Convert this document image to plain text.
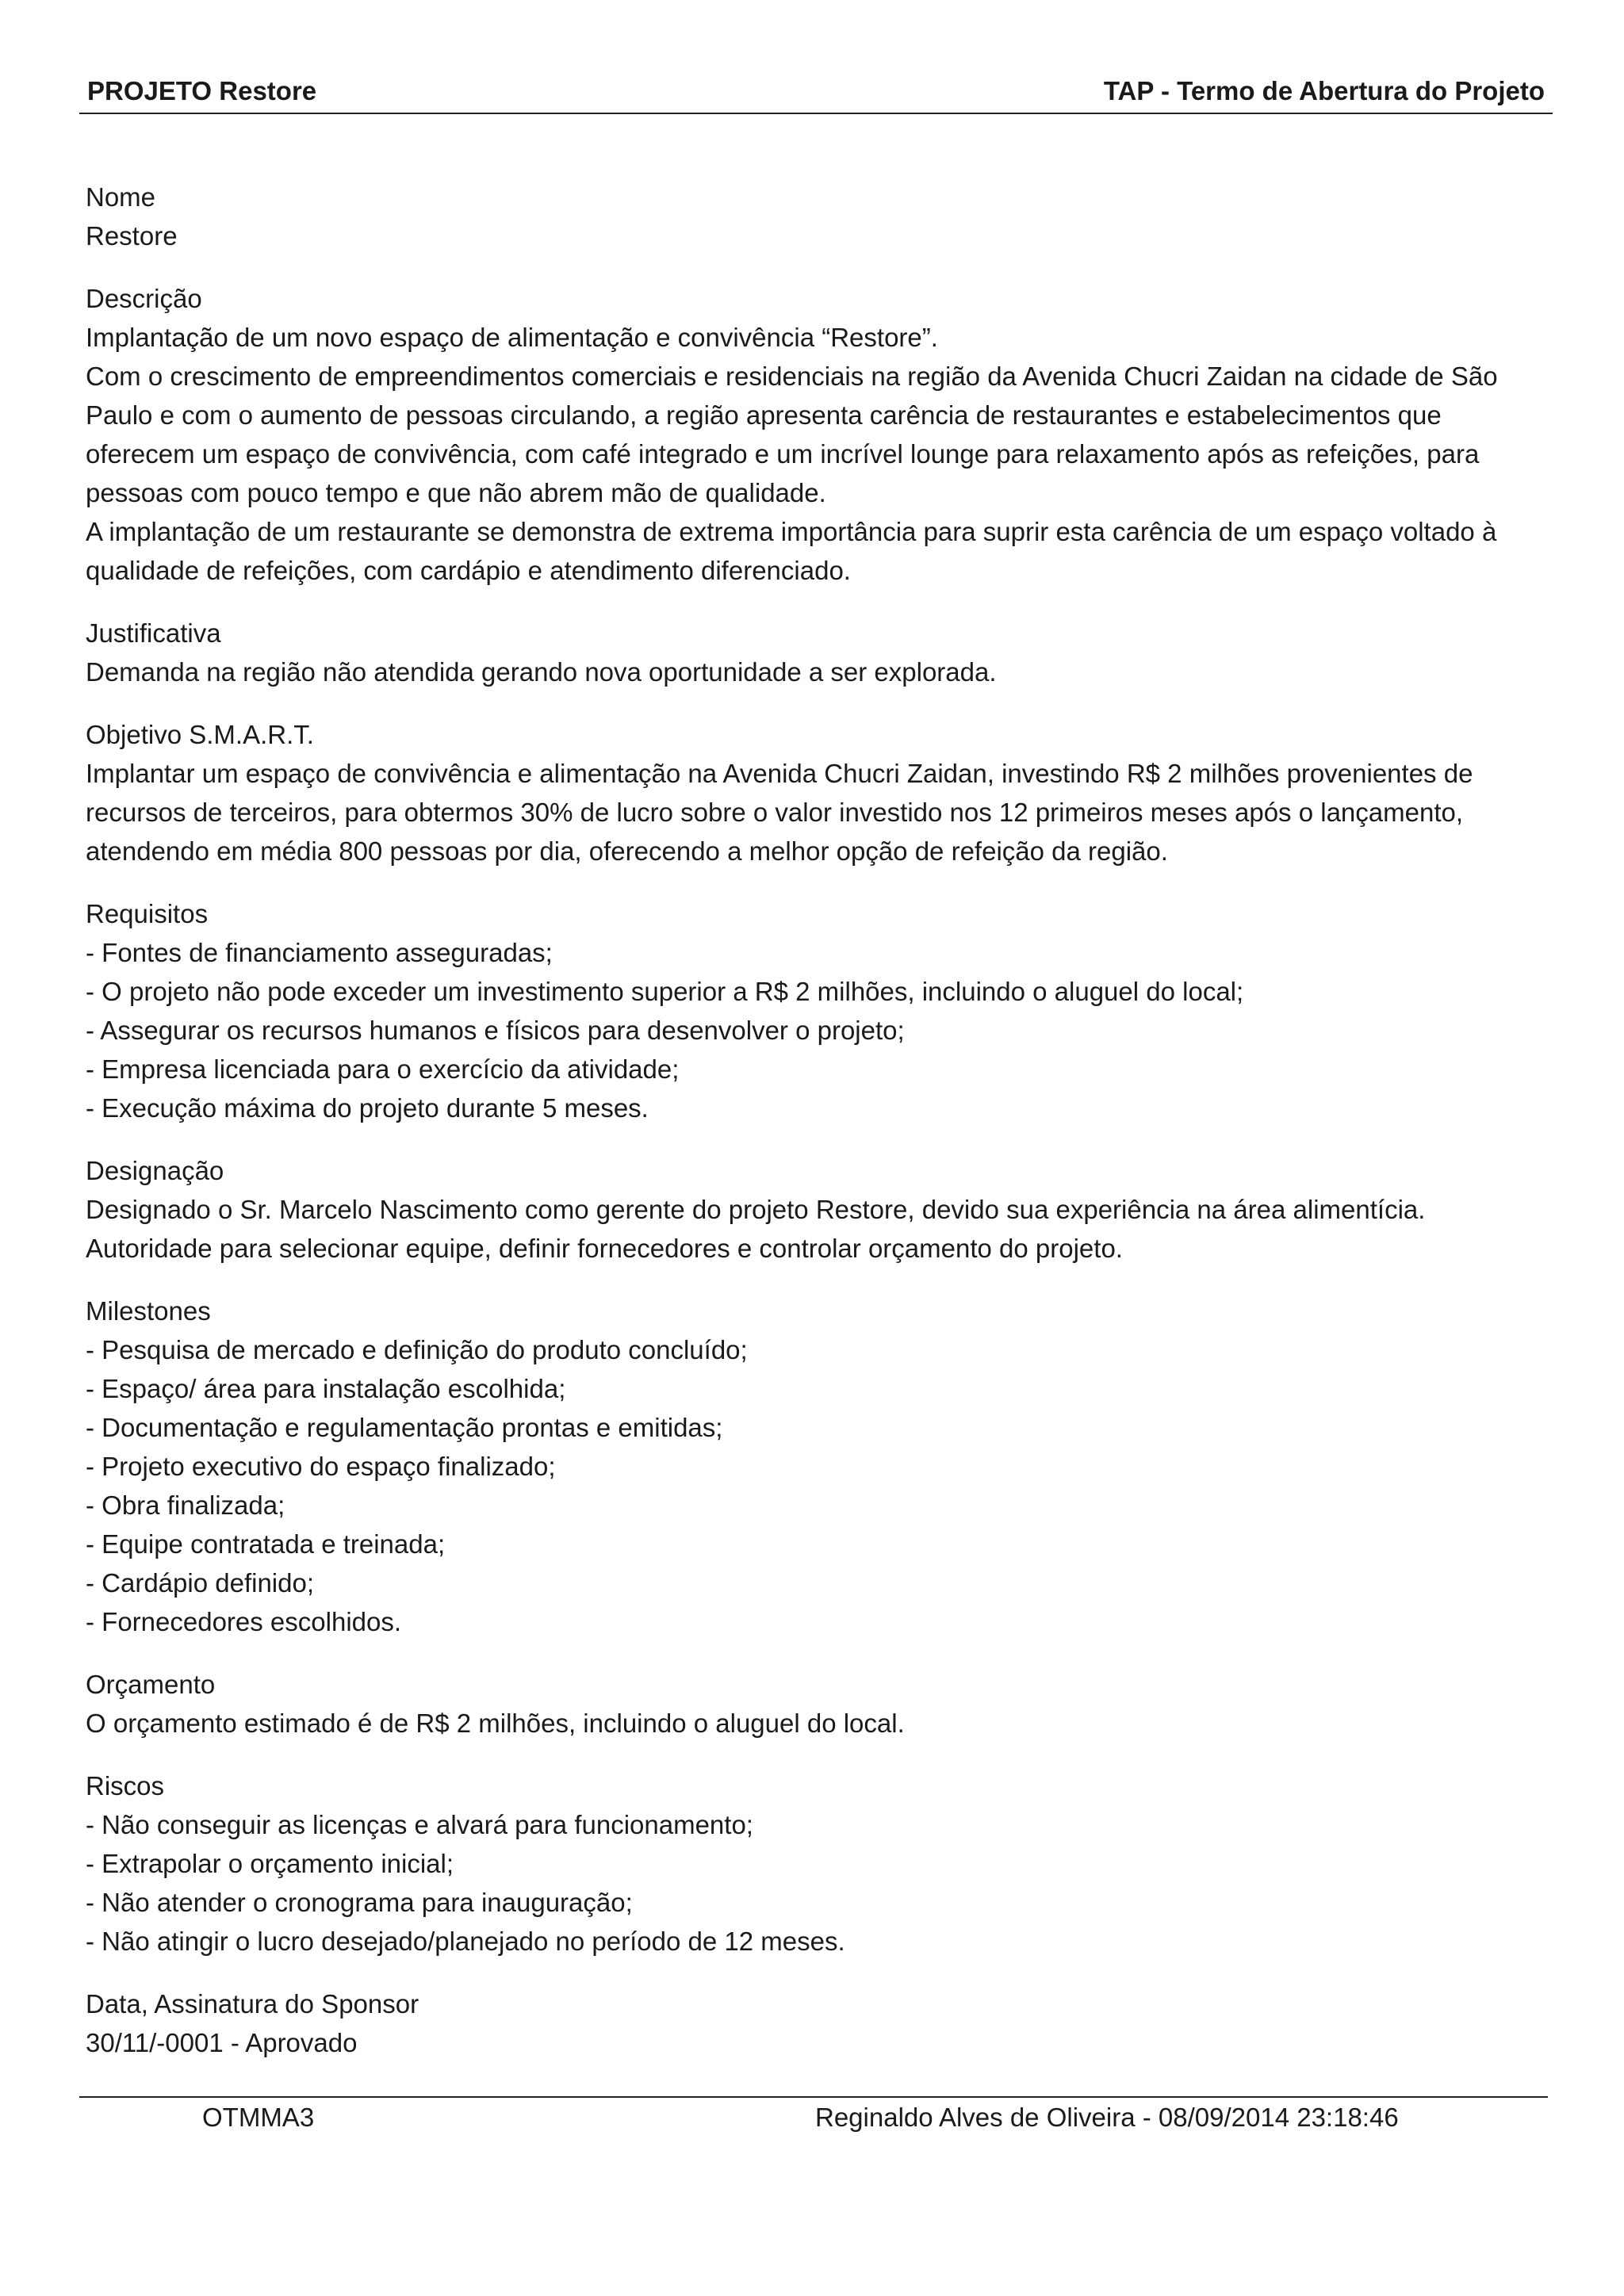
PROJETO Restore	TAP - Termo de Abertura do Projeto

Nome

Restore

Descrição

Implantação de um novo espaço de alimentação e convivência “Restore”.

Com o crescimento de empreendimentos comerciais e residenciais na região da Avenida Chucri Zaidan na cidade de São Paulo e com o aumento de pessoas circulando, a região apresenta carência de restaurantes e estabelecimentos que oferecem um espaço de convivência, com café integrado e um incrível lounge para relaxamento após as refeições, para pessoas com pouco tempo e que não abrem mão de qualidade.

A implantação de um restaurante se demonstra de extrema importância para suprir esta carência de um espaço voltado à qualidade de refeições, com cardápio e atendimento diferenciado.

Justificativa

Demanda na região não atendida gerando nova oportunidade a ser explorada.

Objetivo S.M.A.R.T.

Implantar um espaço de convivência e alimentação na Avenida Chucri Zaidan, investindo R$ 2 milhões provenientes de recursos de terceiros, para obtermos 30% de lucro sobre o valor investido nos 12 primeiros meses após o lançamento, atendendo em média 800 pessoas por dia, oferecendo a melhor opção de refeição da região.

Requisitos

- Fontes de financiamento asseguradas;
- O projeto não pode exceder um investimento superior a R$ 2 milhões, incluindo o aluguel do local;
- Assegurar os recursos humanos e físicos para desenvolver o projeto;
- Empresa licenciada para o exercício da atividade;
- Execução máxima do projeto durante 5 meses.

Designação

Designado o Sr. Marcelo Nascimento como gerente do projeto Restore, devido sua experiência na área alimentícia.

Autoridade para selecionar equipe, definir fornecedores e controlar orçamento do projeto.

Milestones

- Pesquisa de mercado e definição do produto concluído;
- Espaço/ área para instalação escolhida;
- Documentação e regulamentação prontas e emitidas;
- Projeto executivo do espaço finalizado;
- Obra finalizada;
- Equipe contratada e treinada;
- Cardápio definido;
- Fornecedores escolhidos.

Orçamento

O orçamento estimado é de R$ 2 milhões, incluindo o aluguel do local.

Riscos

- Não conseguir as licenças e alvará para funcionamento;
- Extrapolar o orçamento inicial;
- Não atender o cronograma para inauguração;
- Não atingir o lucro desejado/planejado no período de 12 meses.

Data, Assinatura do Sponsor

30/11/-0001 - Aprovado

OTMMA3	Reginaldo Alves de Oliveira - 08/09/2014 23:18:46
